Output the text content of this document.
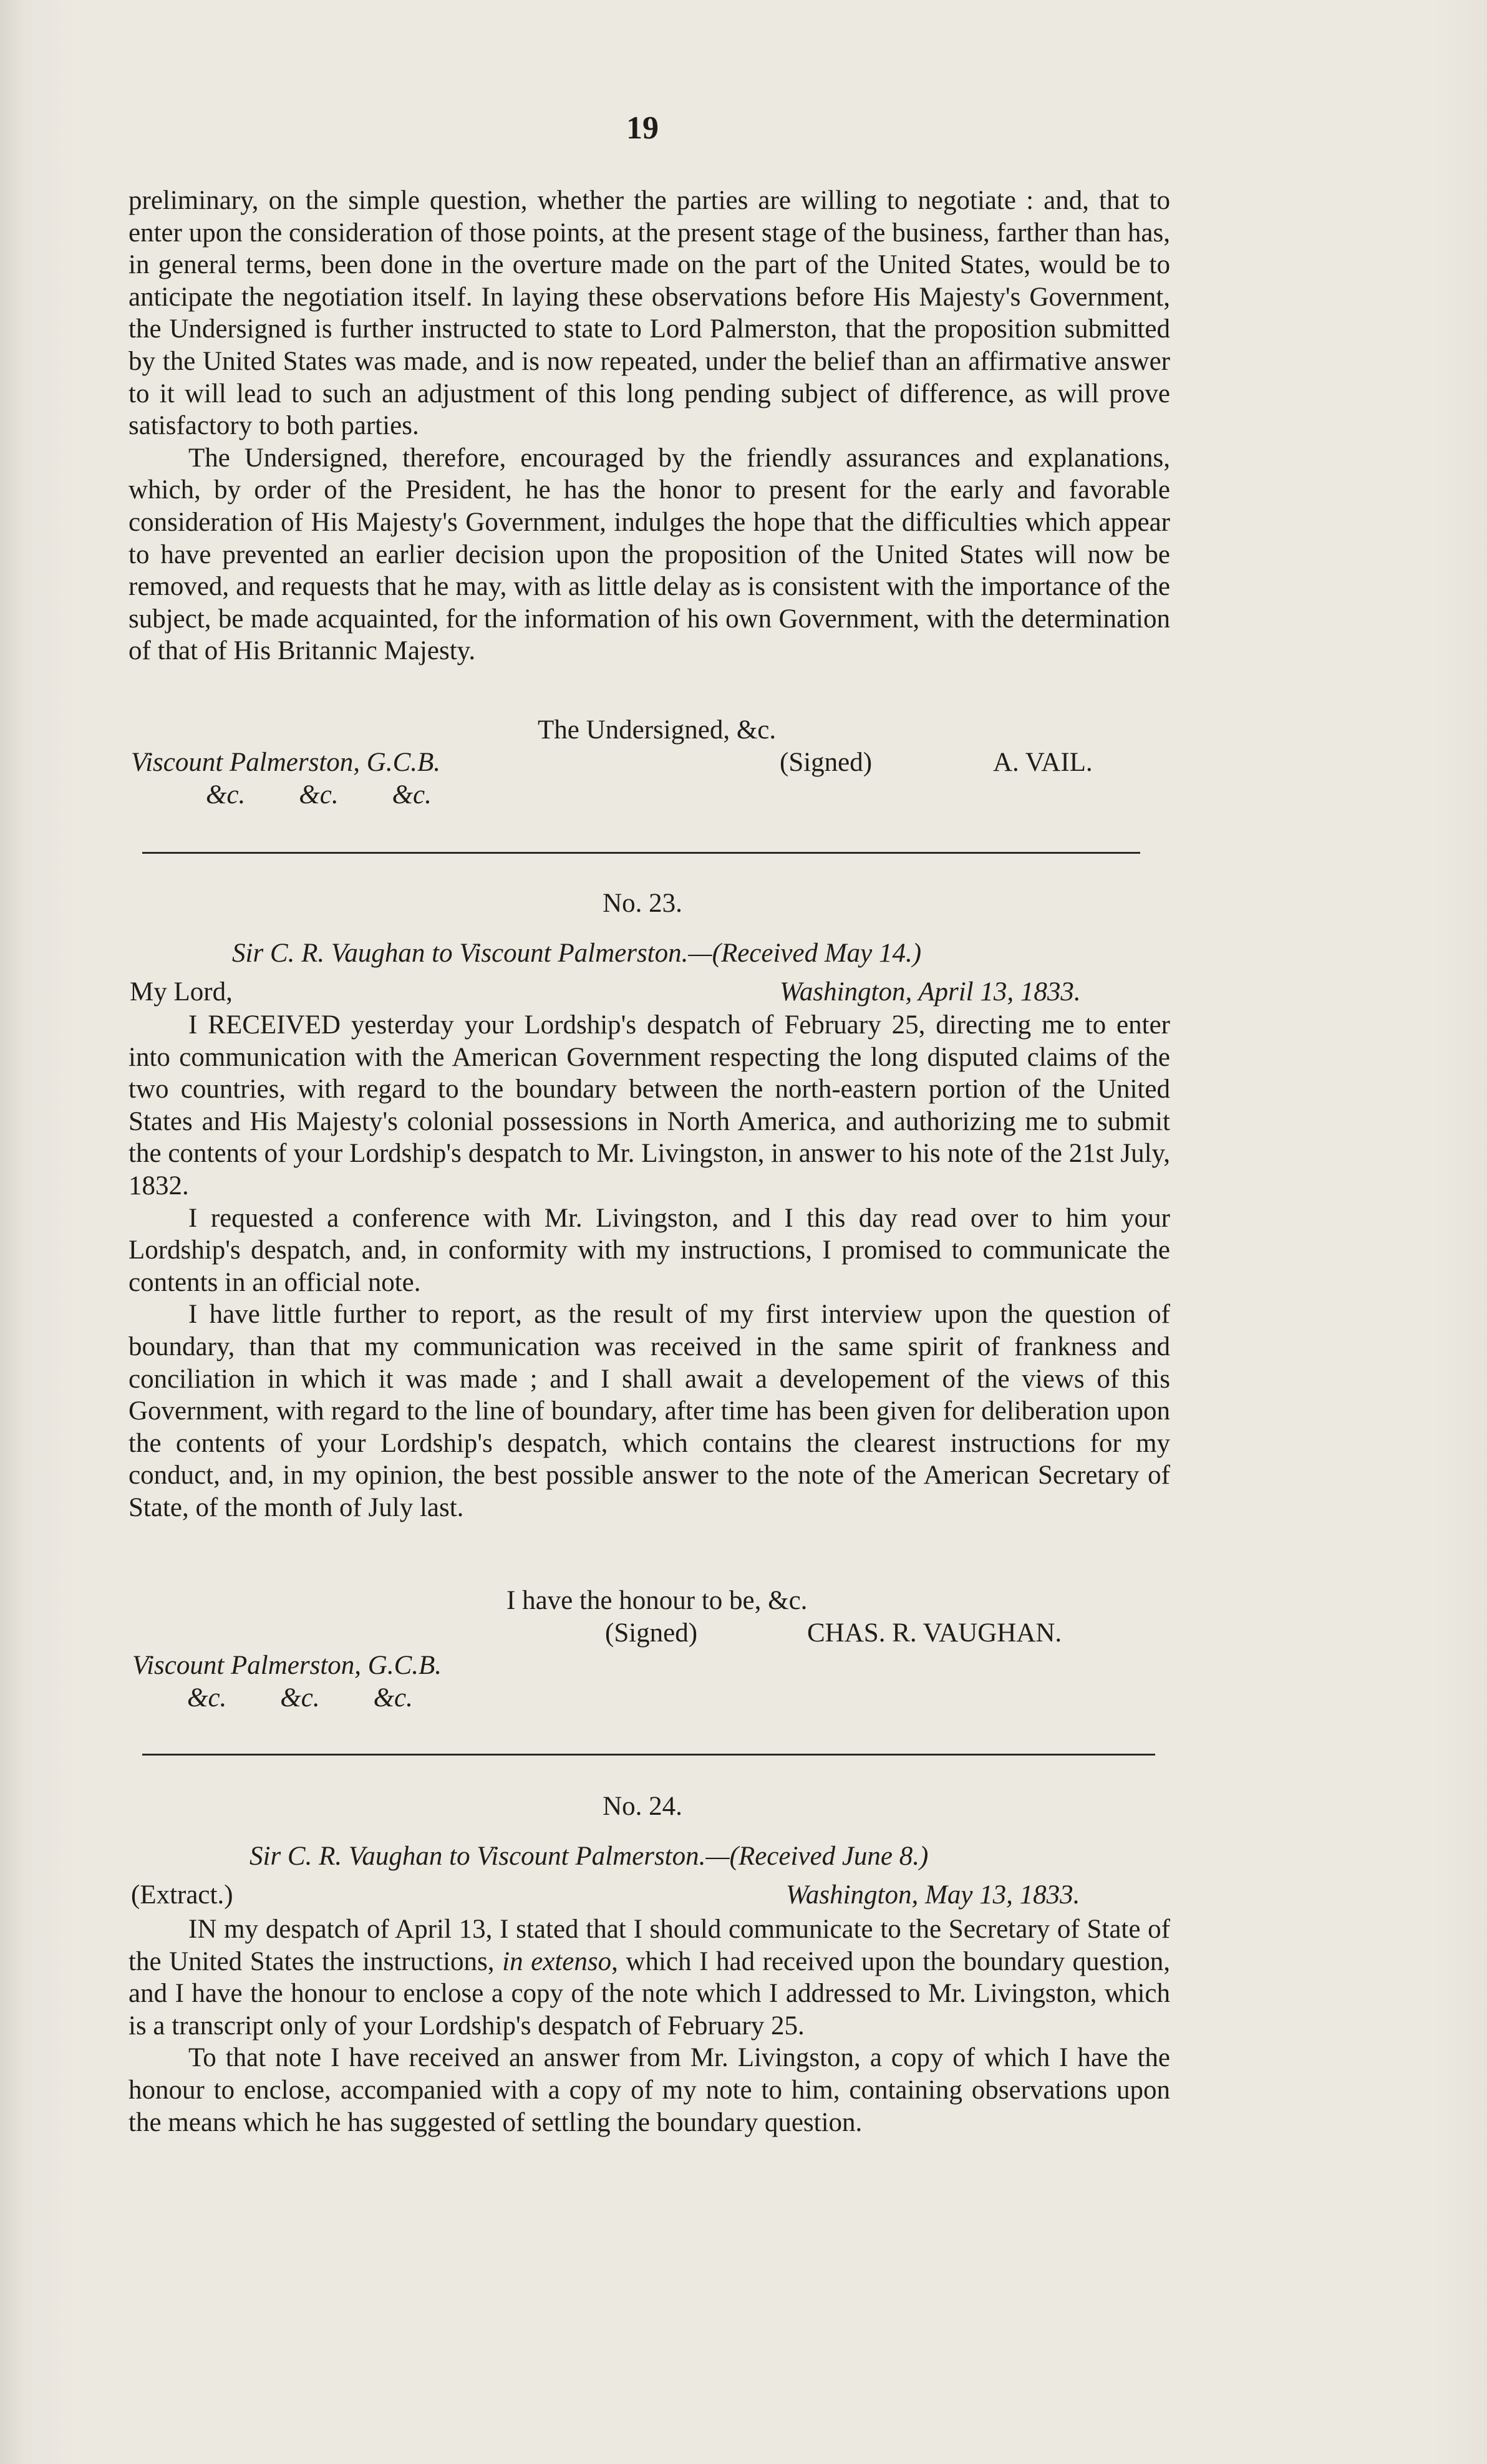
19

preliminary, on the simple question, whether the parties are willing to negotiate : and, that to enter upon the consideration of those points, at the present stage of the business, farther than has, in general terms, been done in the overture made on the part of the United States, would be to anticipate the negotiation itself. In laying these observations before His Majesty's Government, the Undersigned is further instructed to state to Lord Palmerston, that the proposition submitted by the United States was made, and is now repeated, under the belief than an affirmative answer to it will lead to such an adjustment of this long pending subject of difference, as will prove satisfactory to both parties.

The Undersigned, therefore, encouraged by the friendly assurances and explanations, which, by order of the President, he has the honor to present for the early and favorable consideration of His Majesty's Government, indulges the hope that the difficulties which appear to have prevented an earlier decision upon the proposition of the United States will now be removed, and requests that he may, with as little delay as is consistent with the importance of the subject, be made acquainted, for the information of his own Government, with the determination of that of His Britannic Majesty.

The Undersigned, &c.
Viscount Palmerston, G.C.B.	(Signed)	A. VAIL.
&c.        &c.        &c.
No. 23.
Sir C. R. Vaughan to Viscount Palmerston.—(Received May 14.)
My Lord,	Washington, April 13, 1833.

I RECEIVED yesterday your Lordship's despatch of February 25, directing me to enter into communication with the American Government respecting the long disputed claims of the two countries, with regard to the boundary between the north-eastern portion of the United States and His Majesty's colonial possessions in North America, and authorizing me to submit the contents of your Lordship's despatch to Mr. Livingston, in answer to his note of the 21st July, 1832.

I requested a conference with Mr. Livingston, and I this day read over to him your Lordship's despatch, and, in conformity with my instructions, I promised to communicate the contents in an official note.

I have little further to report, as the result of my first interview upon the question of boundary, than that my communication was received in the same spirit of frankness and conciliation in which it was made ; and I shall await a developement of the views of this Government, with regard to the line of boundary, after time has been given for deliberation upon the contents of your Lordship's despatch, which contains the clearest instructions for my conduct, and, in my opinion, the best possible answer to the note of the American Secretary of State, of the month of July last.

I have the honour to be, &c.
(Signed)	CHAS. R. VAUGHAN.
Viscount Palmerston, G.C.B.
&c.        &c.        &c.
No. 24.
Sir C. R. Vaughan to Viscount Palmerston.—(Received June 8.)
(Extract.)	Washington, May 13, 1833.

IN my despatch of April 13, I stated that I should communicate to the Secretary of State of the United States the instructions, in extenso, which I had received upon the boundary question, and I have the honour to enclose a copy of the note which I addressed to Mr. Livingston, which is a transcript only of your Lordship's despatch of February 25.

To that note I have received an answer from Mr. Livingston, a copy of which I have the honour to enclose, accompanied with a copy of my note to him, containing observations upon the means which he has suggested of settling the boundary question.
